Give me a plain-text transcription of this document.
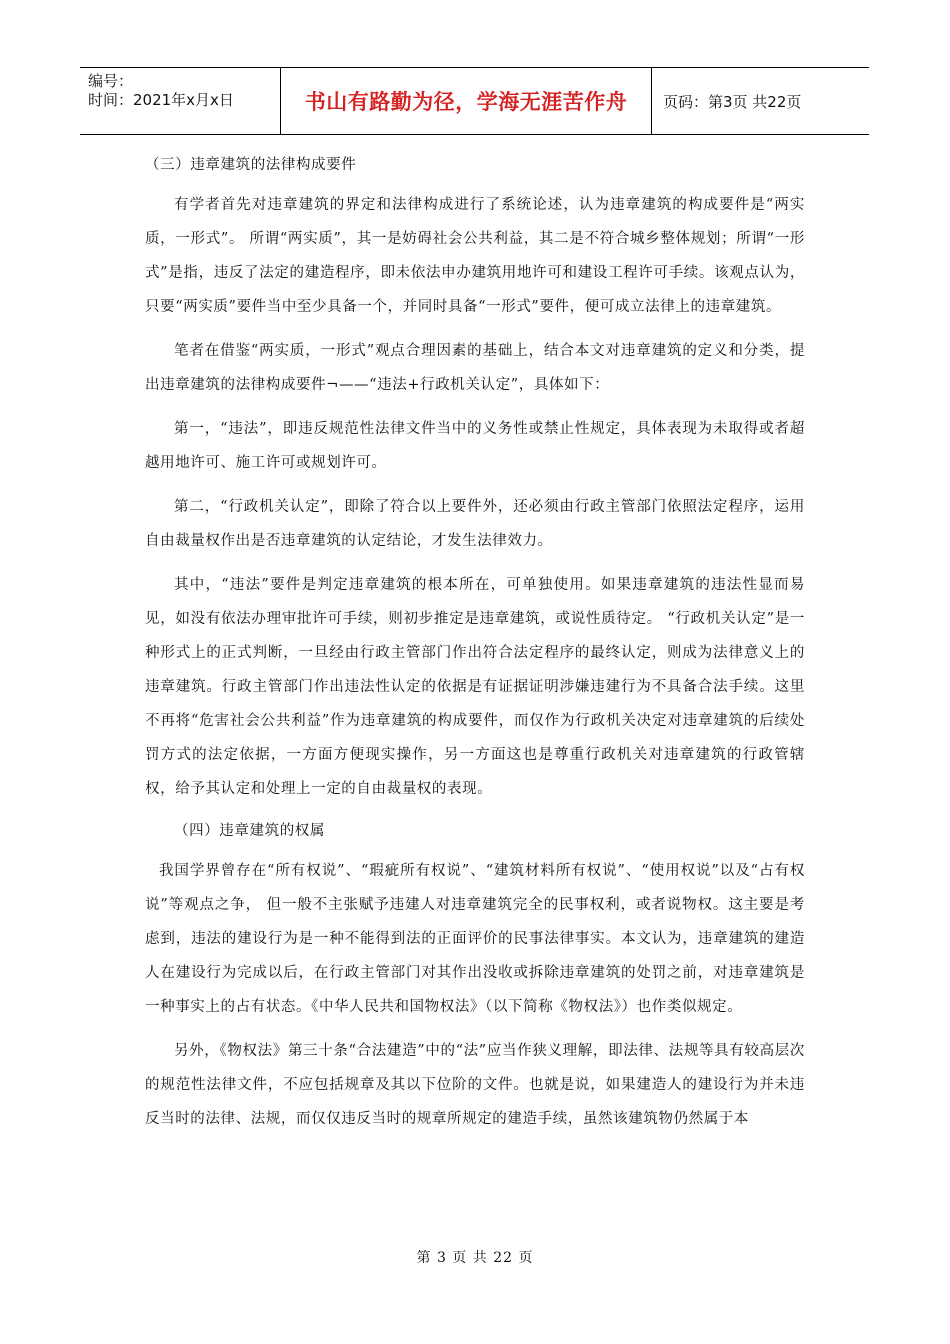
编号：
时间：2021年x月x日	书山有路勤为径，学海无涯苦作舟 页码：第3页 共22页

（三）违章建筑的法律构成要件

有学者首先对违章建筑的界定和法律构成进行了系统论述，认为违章建筑的构成要件是“两实质，一形式”。 所谓“两实质”，其一是妨碍社会公共利益，其二是不符合城乡整体规划；所谓“一形式”是指，违反了法定的建造程序，即未依法申办建筑用地许可和建设工程许可手续。该观点认为，只要“两实质”要件当中至少具备一个，并同时具备“一形式”要件，便可成立法律上的违章建筑。

笔者在借鉴“两实质，一形式”观点合理因素的基础上，结合本文对违章建筑的定义和分类，提出违章建筑的法律构成要件¬——“违法+行政机关认定”，具体如下：

第一，“违法”，即违反规范性法律文件当中的义务性或禁止性规定，具体表现为未取得或者超越用地许可、施工许可或规划许可。

第二，“行政机关认定”，即除了符合以上要件外，还必须由行政主管部门依照法定程序，运用自由裁量权作出是否违章建筑的认定结论，才发生法律效力。

其中，“违法”要件是判定违章建筑的根本所在，可单独使用。如果违章建筑的违法性显而易见，如没有依法办理审批许可手续，则初步推定是违章建筑，或说性质待定。 “行政机关认定”是一种形式上的正式判断，一旦经由行政主管部门作出符合法定程序的最终认定，则成为法律意义上的违章建筑。行政主管部门作出违法性认定的依据是有证据证明涉嫌违建行为不具备合法手续。这里不再将“危害社会公共利益”作为违章建筑的构成要件，而仅作为行政机关决定对违章建筑的后续处罚方式的法定依据，一方面方便现实操作，另一方面这也是尊重行政机关对违章建筑的行政管辖权，给予其认定和处理上一定的自由裁量权的表现。

（四）违章建筑的权属

我国学界曾存在“所有权说”、“瑕疵所有权说”、“建筑材料所有权说”、“使用权说”以及“占有权说”等观点之争， 但一般不主张赋予违建人对违章建筑完全的民事权利，或者说物权。这主要是考虑到，违法的建设行为是一种不能得到法的正面评价的民事法律事实。本文认为，违章建筑的建造人在建设行为完成以后，在行政主管部门对其作出没收或拆除违章建筑的处罚之前，对违章建筑是一种事实上的占有状态。《中华人民共和国物权法》（以下简称《物权法》）也作类似规定。

另外，《物权法》第三十条“合法建造”中的“法”应当作狭义理解，即法律、法规等具有较高层次的规范性法律文件，不应包括规章及其以下位阶的文件。也就是说，如果建造人的建设行为并未违反当时的法律、法规，而仅仅违反当时的规章所规定的建造手续，虽然该建筑物仍然属于本

第 3 页 共 22 页
